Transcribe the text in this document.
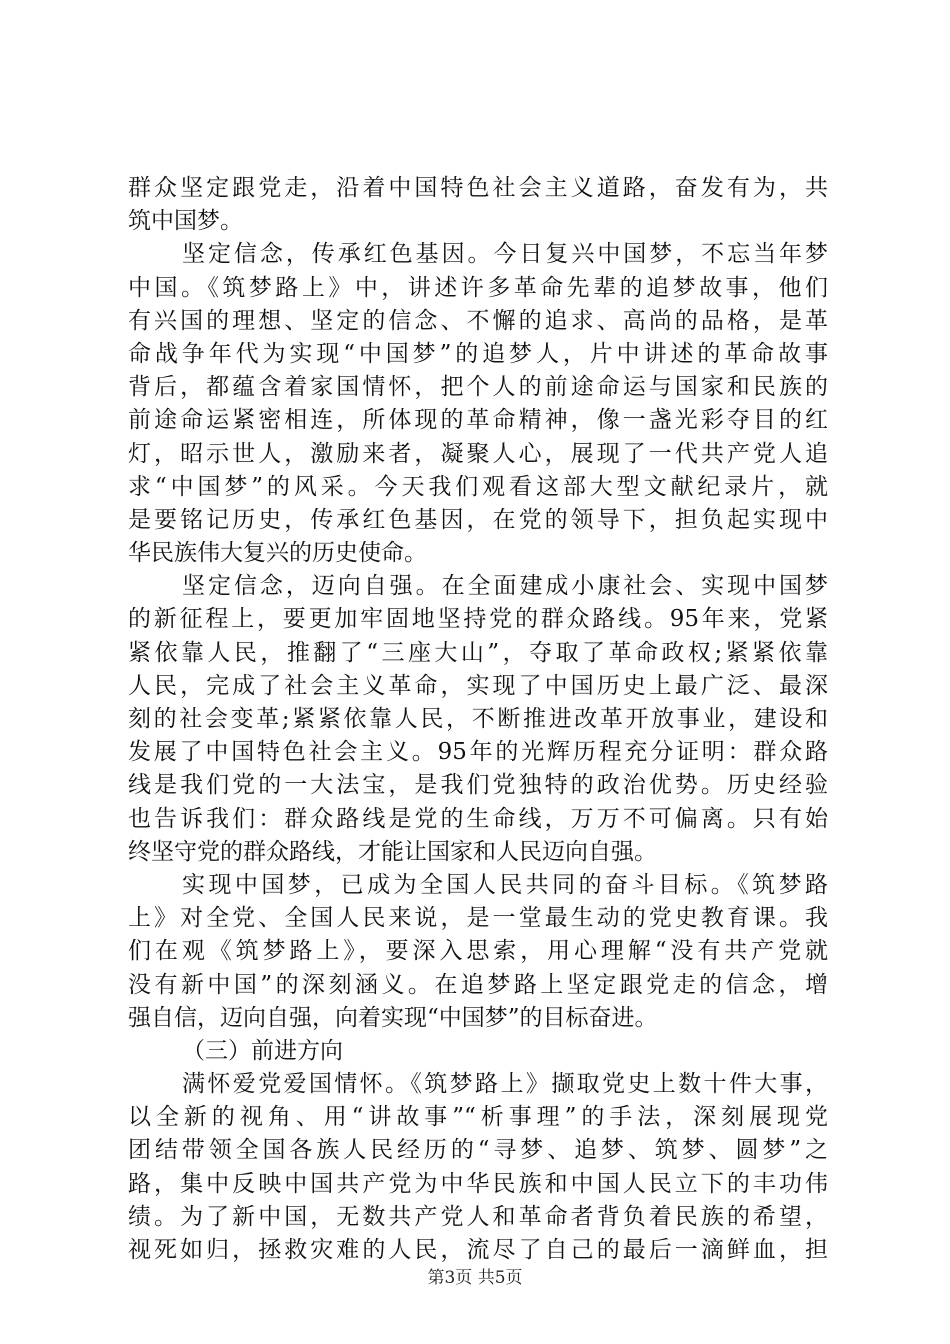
群众坚定跟党走，沿着中国特色社会主义道路，奋发有为，共
筑中国梦。
坚定信念，传承红色基因。今日复兴中国梦，不忘当年梦
中国。《筑梦路上》中，讲述许多革命先辈的追梦故事，他们
有兴国的理想、坚定的信念、不懈的追求、高尚的品格，是革
命战争年代为实现“中国梦”的追梦人，片中讲述的革命故事
背后，都蕴含着家国情怀，把个人的前途命运与国家和民族的
前途命运紧密相连，所体现的革命精神，像一盏光彩夺目的红
灯，昭示世人，激励来者，凝聚人心，展现了一代共产党人追
求“中国梦”的风采。今天我们观看这部大型文献纪录片，就
是要铭记历史，传承红色基因，在党的领导下，担负起实现中
华民族伟大复兴的历史使命。
坚定信念，迈向自强。在全面建成小康社会、实现中国梦
的新征程上，要更加牢固地坚持党的群众路线。95年来，党紧
紧依靠人民，推翻了“三座大山”，夺取了革命政权;紧紧依靠
人民，完成了社会主义革命，实现了中国历史上最广泛、最深
刻的社会变革;紧紧依靠人民，不断推进改革开放事业，建设和
发展了中国特色社会主义。95年的光辉历程充分证明：群众路
线是我们党的一大法宝，是我们党独特的政治优势。历史经验
也告诉我们：群众路线是党的生命线，万万不可偏离。只有始
终坚守党的群众路线，才能让国家和人民迈向自强。
实现中国梦，已成为全国人民共同的奋斗目标。《筑梦路
上》对全党、全国人民来说，是一堂最生动的党史教育课。我
们在观《筑梦路上》，要深入思索，用心理解“没有共产党就
没有新中国”的深刻涵义。在追梦路上坚定跟党走的信念，增
强自信，迈向自强，向着实现“中国梦”的目标奋进。
（三）前进方向
满怀爱党爱国情怀。《筑梦路上》撷取党史上数十件大事，
以全新的视角、用“讲故事”“析事理”的手法，深刻展现党
团结带领全国各族人民经历的“寻梦、追梦、筑梦、圆梦”之
路，集中反映中国共产党为中华民族和中国人民立下的丰功伟
绩。为了新中国，无数共产党人和革命者背负着民族的希望，
视死如归，拯救灾难的人民，流尽了自己的最后一滴鲜血，担
第3页 共5页
